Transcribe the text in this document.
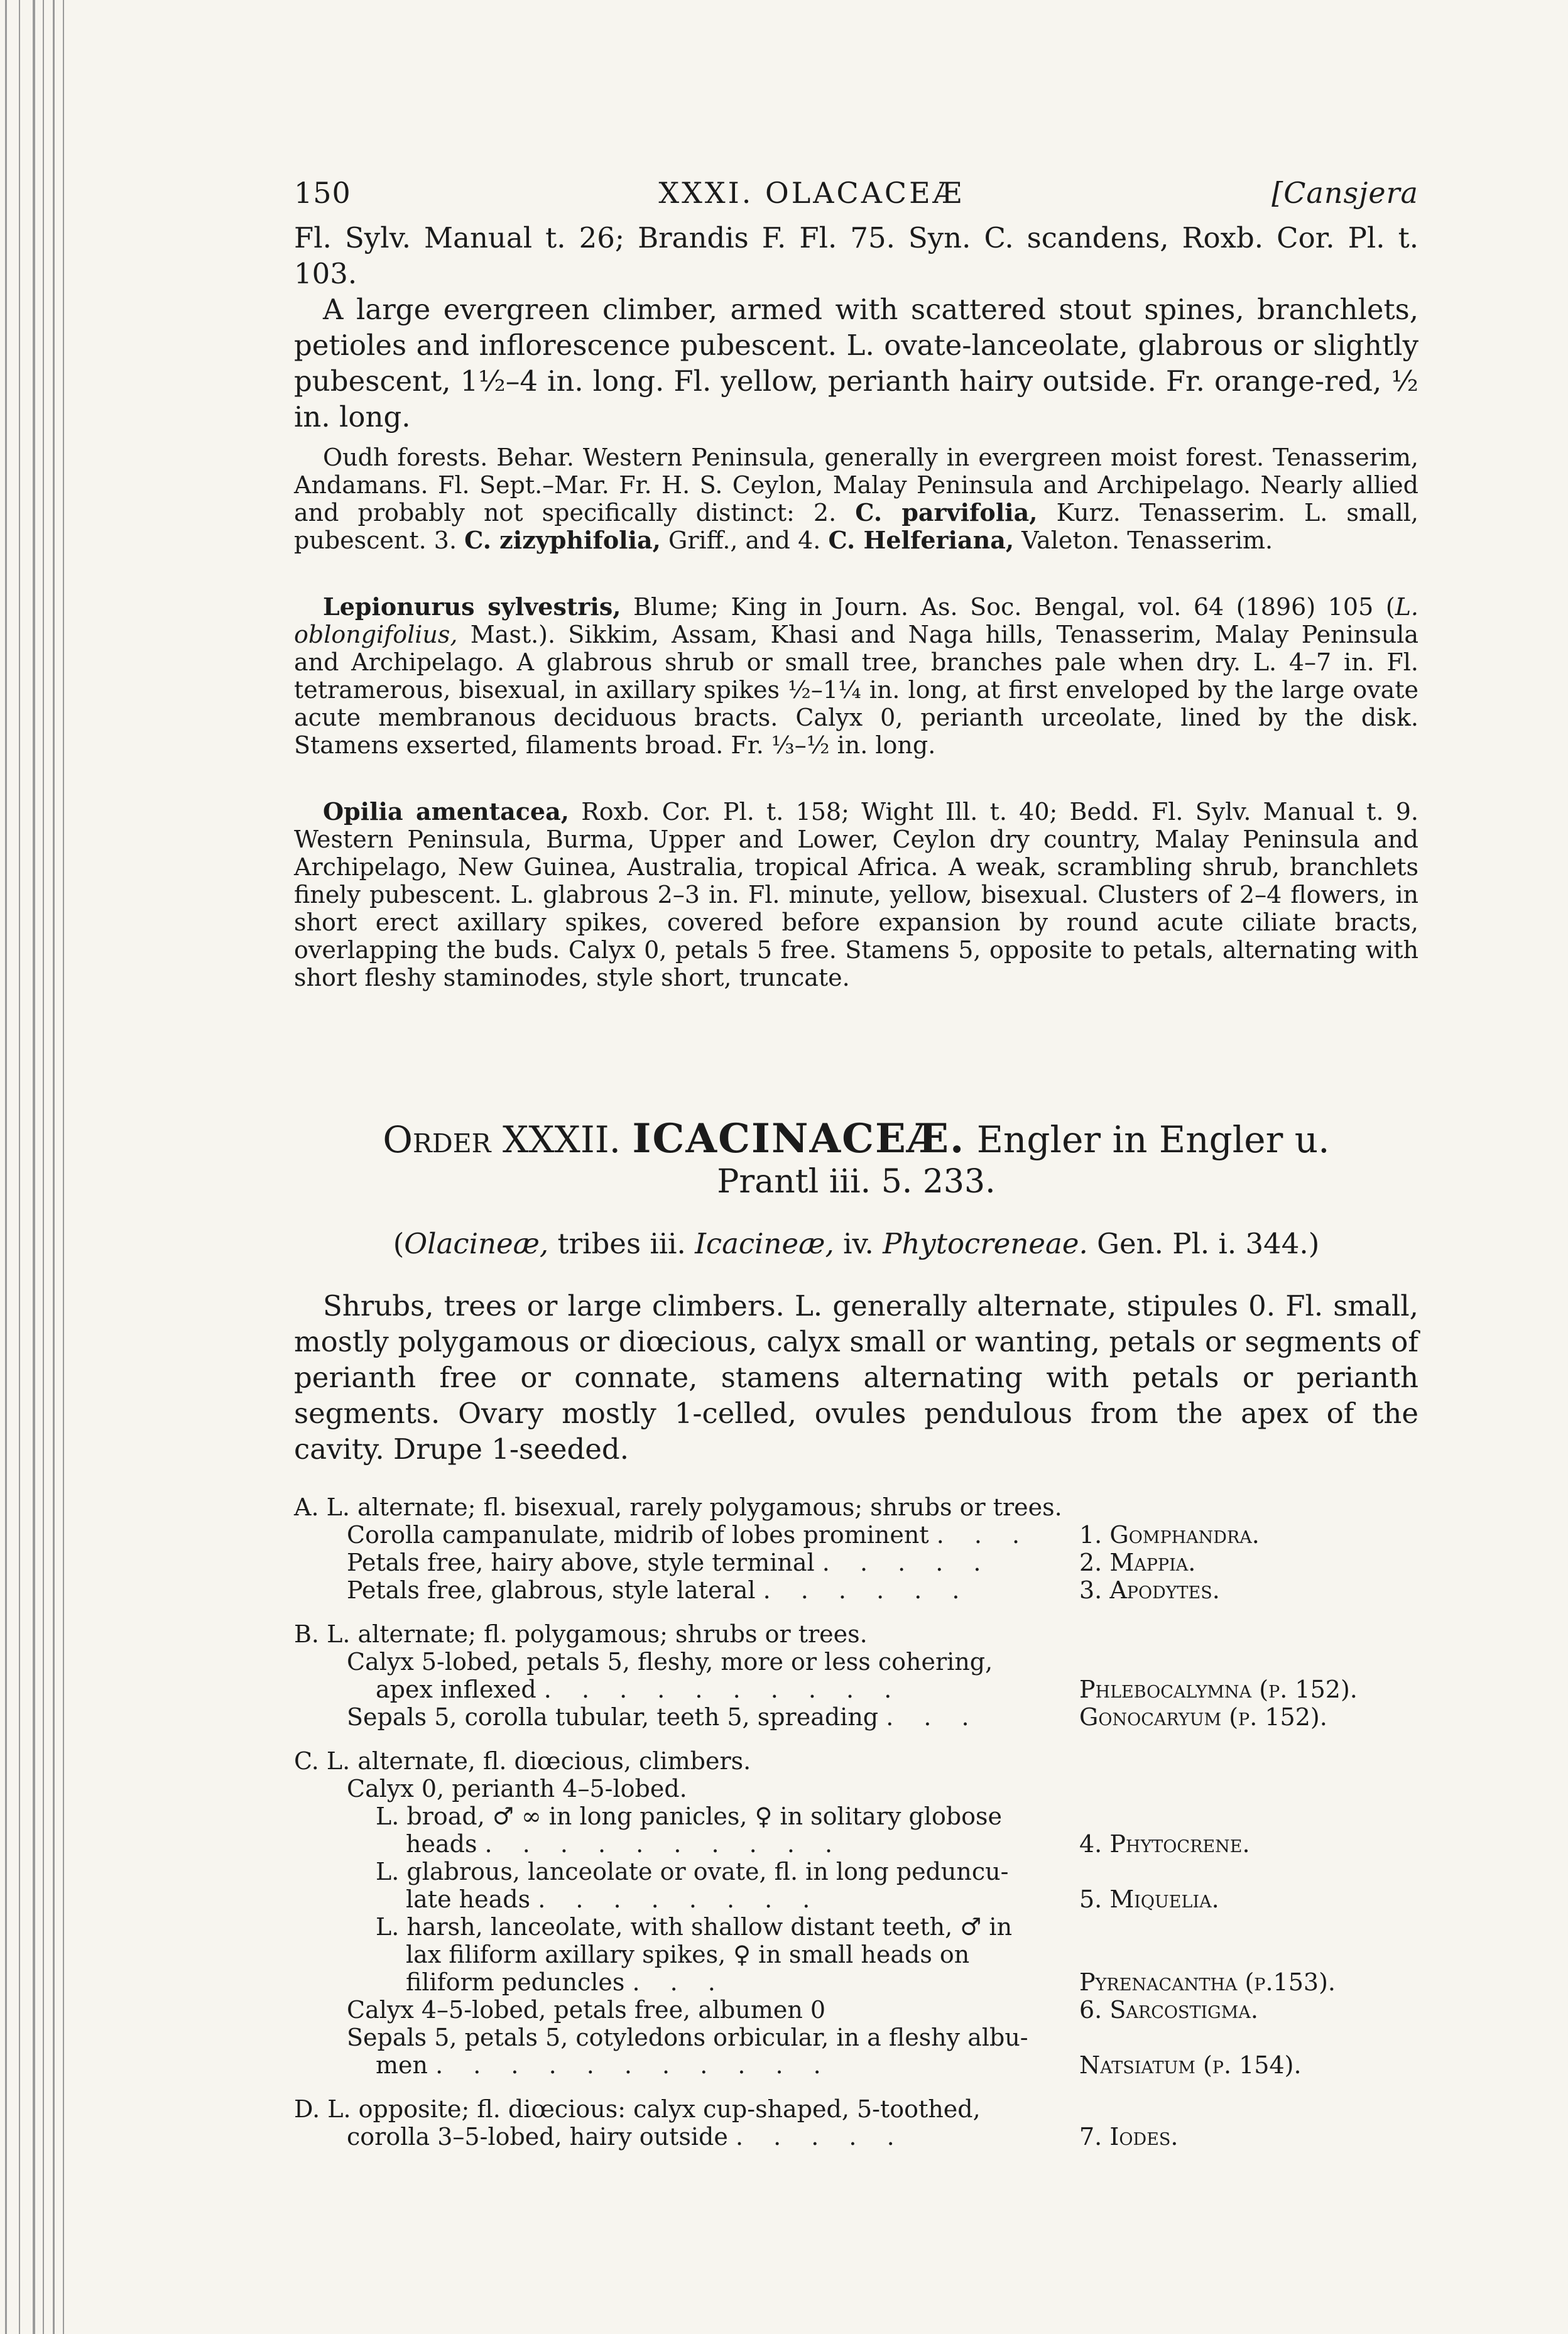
150	XXXI. OLACACEÆ	[Cansjera

Fl. Sylv. Manual t. 26; Brandis F. Fl. 75. Syn. C. scandens, Roxb. Cor. Pl. t. 103.

A large evergreen climber, armed with scattered stout spines, branchlets, petioles and inflorescence pubescent. L. ovate-lanceolate, glabrous or slightly pubescent, 1½–4 in. long. Fl. yellow, perianth hairy outside. Fr. orange-red, ½ in. long.

Oudh forests. Behar. Western Peninsula, generally in evergreen moist forest. Tenasserim, Andamans. Fl. Sept.–Mar. Fr. H. S. Ceylon, Malay Peninsula and Archipelago. Nearly allied and probably not specifically distinct: 2. C. parvifolia, Kurz. Tenasserim. L. small, pubescent. 3. C. zizyphifolia, Griff., and 4. C. Helferiana, Valeton. Tenasserim.

Lepionurus sylvestris, Blume; King in Journ. As. Soc. Bengal, vol. 64 (1896) 105 (L. oblongifolius, Mast.). Sikkim, Assam, Khasi and Naga hills, Tenasserim, Malay Peninsula and Archipelago. A glabrous shrub or small tree, branches pale when dry. L. 4–7 in. Fl. tetramerous, bisexual, in axillary spikes ½–1¼ in. long, at first enveloped by the large ovate acute membranous deciduous bracts. Calyx 0, perianth urceolate, lined by the disk. Stamens exserted, filaments broad. Fr. ⅓–½ in. long.

Opilia amentacea, Roxb. Cor. Pl. t. 158; Wight Ill. t. 40; Bedd. Fl. Sylv. Manual t. 9. Western Peninsula, Burma, Upper and Lower, Ceylon dry country, Malay Peninsula and Archipelago, New Guinea, Australia, tropical Africa. A weak, scrambling shrub, branchlets finely pubescent. L. glabrous 2–3 in. Fl. minute, yellow, bisexual. Clusters of 2–4 flowers, in short erect axillary spikes, covered before expansion by round acute ciliate bracts, overlapping the buds. Calyx 0, petals 5 free. Stamens 5, opposite to petals, alternating with short fleshy staminodes, style short, truncate.

Order XXXII. ICACINACEÆ. Engler in Engler u.
Prantl iii. 5. 233.
(Olacineæ, tribes iii. Icacineæ, iv. Phytocreneae. Gen. Pl. i. 344.)

Shrubs, trees or large climbers. L. generally alternate, stipules 0. Fl. small, mostly polygamous or diœcious, calyx small or wanting, petals or segments of perianth free or connate, stamens alternating with petals or perianth segments. Ovary mostly 1-celled, ovules pendulous from the apex of the cavity. Drupe 1-seeded.

A. L. alternate; fl. bisexual, rarely polygamous; shrubs or trees.
Corolla campanulate, midrib of lobes prominent . . .	1. Gomphandra.
Petals free, hairy above, style terminal . . . . .	2. Mappia.
Petals free, glabrous, style lateral . . . . . .	3. Apodytes.
B. L. alternate; fl. polygamous; shrubs or trees.
Calyx 5-lobed, petals 5, fleshy, more or less cohering,
apex inflexed . . . . . . . . . .	Phlebocalymna (p. 152).
Sepals 5, corolla tubular, teeth 5, spreading . . .	Gonocaryum (p. 152).
C. L. alternate, fl. diœcious, climbers.
Calyx 0, perianth 4–5-lobed.
L. broad, ♂ ∞ in long panicles, ♀ in solitary globose
heads . . . . . . . . . .	4. Phytocrene.
L. glabrous, lanceolate or ovate, fl. in long peduncu-
late heads . . . . . . . .	5. Miquelia.
L. harsh, lanceolate, with shallow distant teeth, ♂ in
lax filiform axillary spikes, ♀ in small heads on
filiform peduncles . . .	Pyrenacantha (p.153).
Calyx 4–5-lobed, petals free, albumen 0	6. Sarcostigma.
Sepals 5, petals 5, cotyledons orbicular, in a fleshy albu-
men . . . . . . . . . . .	Natsiatum (p. 154).
D. L. opposite; fl. diœcious: calyx cup-shaped, 5-toothed,
corolla 3–5-lobed, hairy outside . . . . .	7. Iodes.
